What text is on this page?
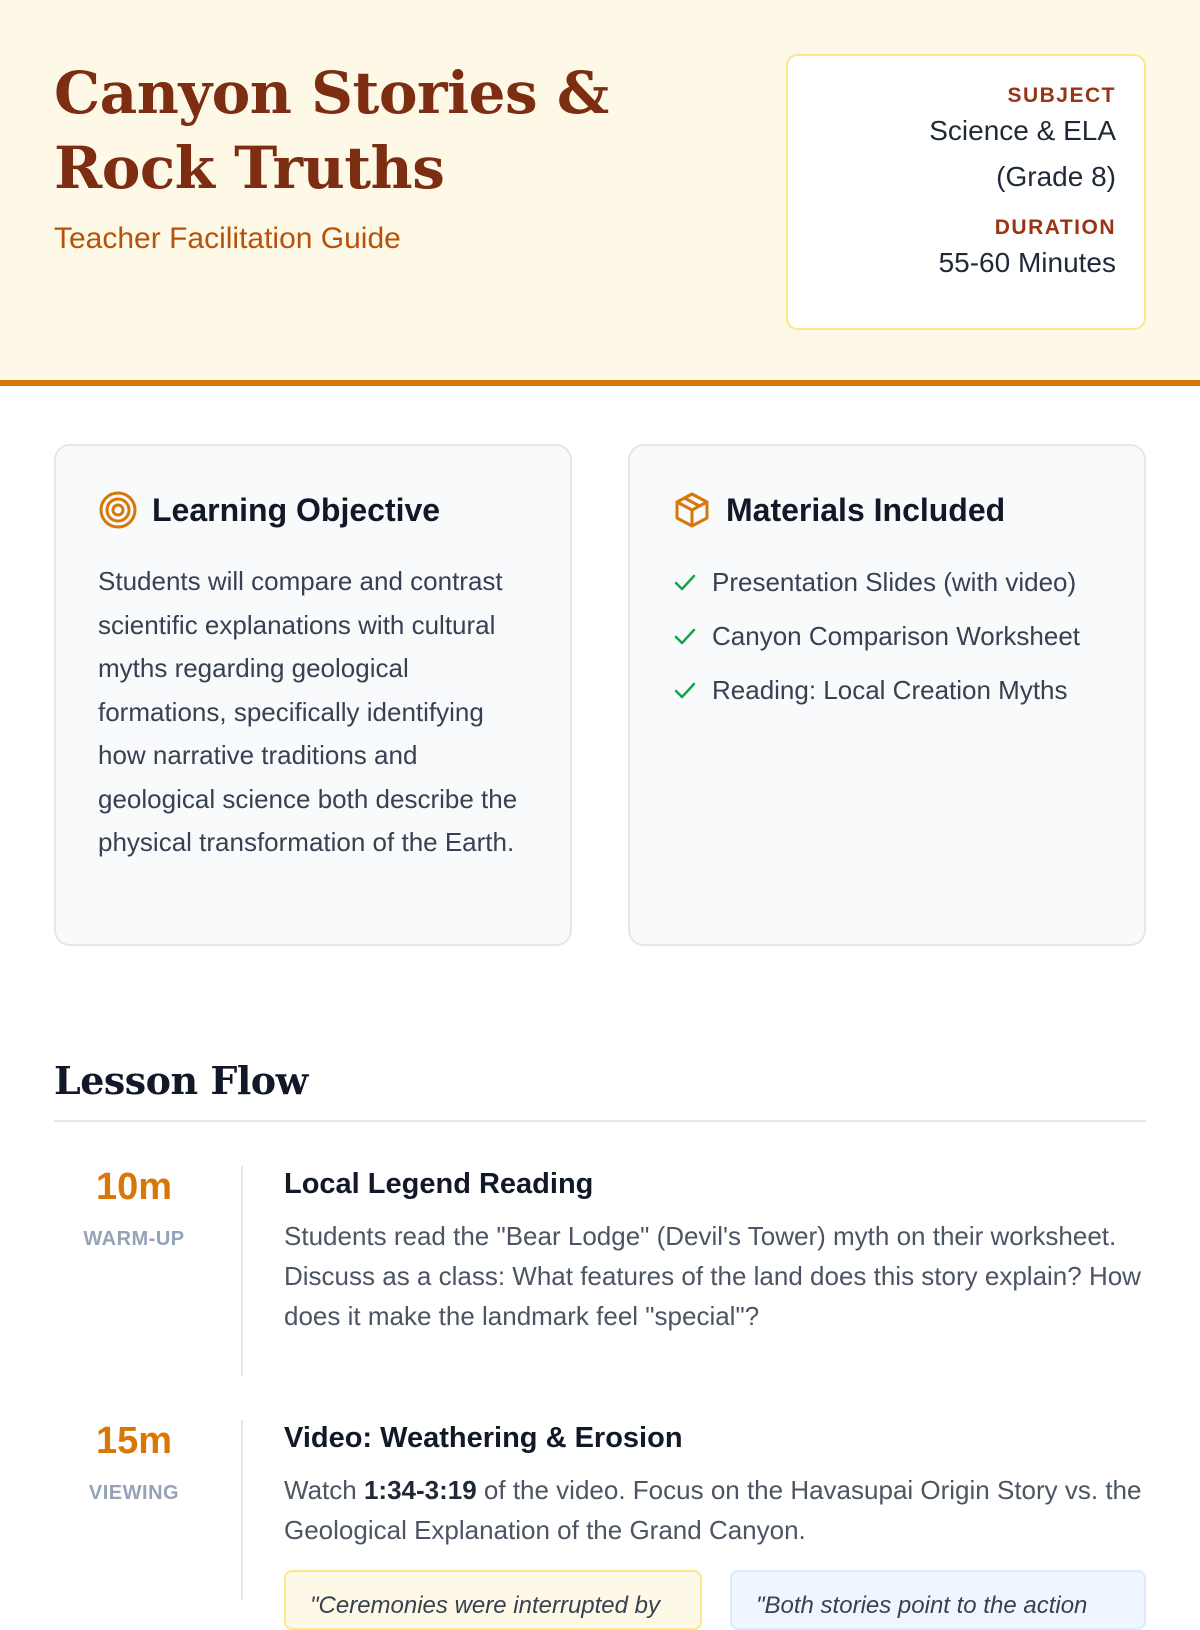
Canyon Stories & Rock Truths
Teacher Facilitation Guide
SUBJECT
Science & ELA
(Grade 8)
DURATION
55-60 Minutes
Learning Objective

Students will compare and contrast scientific explanations with cultural myths regarding geological formations, specifically identifying how narrative traditions and geological science both describe the physical transformation of the Earth.

Materials Included
Presentation Slides (with video)
Canyon Comparison Worksheet
Reading: Local Creation Myths
Lesson Flow
10m
WARM-UP
Local Legend Reading

Students read the "Bear Lodge" (Devil's Tower) myth on their worksheet. Discuss as a class: What features of the land does this story explain? How does it make the landmark feel "special"?

15m
VIEWING
Video: Weathering & Erosion

Watch 1:34-3:19 of the video. Focus on the Havasupai Origin Story vs. the Geological Explanation of the Grand Canyon.

"Ceremonies were interrupted by	"Both stories point to the action
